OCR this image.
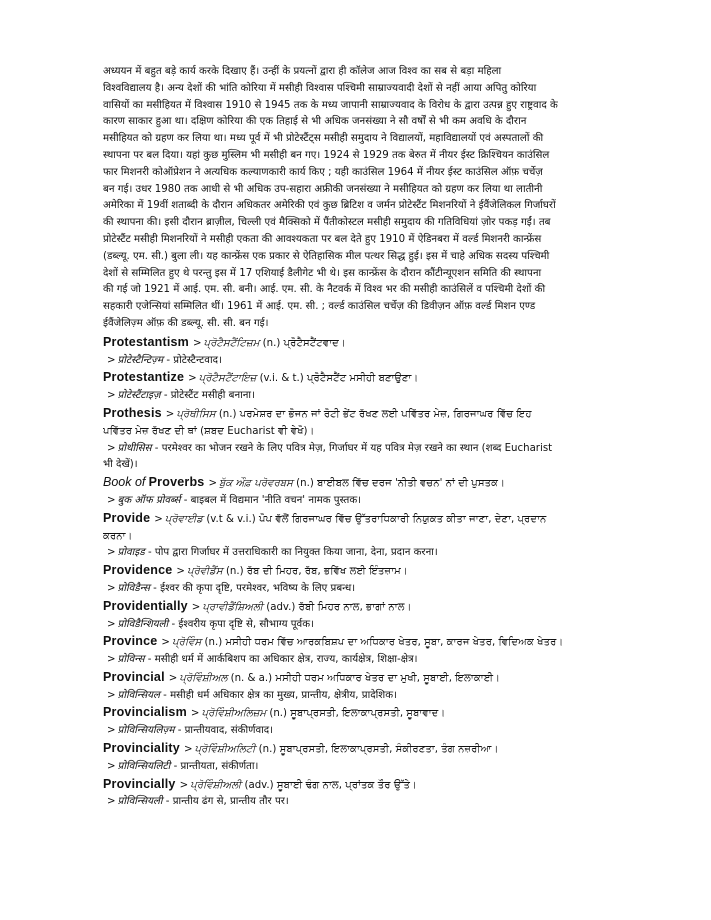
अध्ययन में बहुत बड़े कार्य करके दिखाए हैं। उन्हीं के प्रयत्नों द्वारा ही कॉलेज आज विश्व का सब से बड़ा महिला
विश्वविद्यालय है। अन्य देशों की भांति कोरिया में मसीही विश्वास पश्चिमी साम्राज्यवादी देशों से नहीं आया अपितु कोरिया
वासियों का मसीहियत में विश्वास 1910 से 1945 तक के मध्य जापानी साम्राज्यवाद के विरोध के द्वारा उत्पन्न हुए राष्ट्रवाद के
कारण साकार हुआ था। दक्षिण कोरिया की एक तिहाई से भी अधिक जनसंख्या ने सौ वर्षों से भी कम अवधि के दौरान
मसीहियत को ग्रहण कर लिया था। मध्य पूर्व में भी प्रोटेस्टैंट्स मसीही समुदाय ने विद्यालयों, महाविद्यालयों एवं अस्पतालों की
स्थापना पर बल दिया। यहां कुछ मुस्लिम भी मसीही बन गए। 1924 से 1929 तक बेरुत में नीयर ईस्ट क्रिश्चियन काउंसिल
फार मिशनरी कोऑप्रेशन ने अत्यधिक कल्याणकारी कार्य किए ; यही काउंसिल 1964 में नीयर ईस्ट काउंसिल ऑफ़ चर्चेज़
बन गई। उधर 1980 तक आधी से भी अधिक उप-सहारा अफ्रीकी जनसंख्या ने मसीहियत को ग्रहण कर लिया था लातीनी
अमेरिका में 19वीं शताब्दी के दौरान अधिकतर अमेरिकी एवं कुछ ब्रिटिश व जर्मन प्रोटेस्टैंट मिशनरियों ने ईवैंजेलिकल गिर्जाघरों
की स्थापना की। इसी दौरान ब्राज़ील, चिल्ली एवं मैक्सिको में पैंतीकोस्टल मसीही समुदाय की गतिविधियां ज़ोर पकड़ गईं। तब
प्रोटेस्टैंट मसीही मिशनरियों ने मसीही एकता की आवश्यकता पर बल देते हुए 1910 में ऐडिनबरा में वर्ल्ड मिशनरी कान्फ्रेंस
(डब्ल्यू. एम. सी.) बुला ली। यह कान्फ्रेंस एक प्रकार से ऐतिहासिक मील पत्थर सिद्ध हुई। इस में चाहे अधिक सदस्य पश्चिमी
देशों से सम्मिलित हुए थे परन्तु इस में 17 एशियाई डैलीगेट भी थे। इस कान्फ्रेंस के दौरान कौंटीन्यूएशन समिति की स्थापना
की गई जो 1921 में आई. एम. सी. बनी। आई. एम. सी. के नैटवर्क में विश्व भर की मसीही काउंसिलें व पश्चिमी देशों की
सहकारी एजेन्सियां सम्मिलित थीं। 1961 में आई. एम. सी. ; वर्ल्ड काउंसिल चर्चेज़ की डिवीज़न ऑफ़ वर्ल्ड मिशन एण्ड
ईवैंजेलिज़्म ऑफ़ की डब्ल्यू. सी. सी. बन गई।
Protestantism > ਪ੍ਰੋਟੈਸਟੈਂਟਿਜ਼ਮ (n.) ਪ੍ਰੋਟੈਸਟੈਂਟਵਾਦ।
> प्रोटेस्टैन्टिज़्म - प्रोटेस्टैन्टवाद।
Protestantize > ਪ੍ਰੋਟੈਸਟੈਂਟਾਇਜ਼ (v.i. & t.) ਪ੍ਰੋਟੈਸਟੈਂਟ ਮਸੀਹੀ ਬਣਾਉਣਾ।
> प्रोटेस्टैंटाइज़ - प्रोटेस्टैंट मसीही बनाना।
Prothesis > ਪ੍ਰੋਥੀਸਿਸ (n.) ਪਰਮੇਸ਼ਰ ਦਾ ਭੋਜਨ ਜਾਂ ਰੋਟੀ ਭੇਂਟ ਰੱਖਣ ਲਈ ਪਵਿੱਤਰ ਮੇਜ਼, ਗਿਰਜਾਘਰ ਵਿੱਚ ਇਹ
ਪਵਿੱਤਰ ਮੇਜ਼ ਰੱਖਣ ਦੀ ਥਾਂ (ਸ਼ਬਦ Eucharist ਵੀ ਵੇਖੋ)।
> प्रोथीसिस - परमेश्वर का भोजन रखने के लिए पवित्र मेज़, गिर्जाघर में यह पवित्र मेज़ रखने का स्थान (शब्द Eucharist
भी देखें)।
Book of Proverbs > ਬੁੱਕ ਔਫ਼ ਪਰੋਵਰਬਸ (n.) ਬਾਈਬਲ ਵਿੱਚ ਦਰਜ 'ਨੀਤੀ ਵਚਨ' ਨਾਂ ਦੀ ਪੁਸਤਕ।
> बुक ऑफ प्रोवर्ब्स - बाइबल में विद्यमान 'नीति वचन' नामक पुस्तक।
Provide > ਪ੍ਰੋਵਾਈਡ (v.t & v.i.) ਪੋਪ ਵੱਲੋਂ ਗਿਰਜਾਘਰ ਵਿੱਚ ਉੱਤਰਾਧਿਕਾਰੀ ਨਿਯੁਕਤ ਕੀਤਾ ਜਾਣਾ, ਦੇਣਾ, ਪ੍ਰਦਾਨ
ਕਰਨਾ।
> प्रोवाइड - पोप द्वारा गिर्जाघर में उत्तराधिकारी का नियुक्त किया जाना, देना, प्रदान करना।
Providence > ਪ੍ਰੋਵੀਡੈਂਸ (n.) ਰੱਬ ਦੀ ਮਿਹਰ, ਰੱਬ, ਭਵਿੱਖ ਲਈ ਇੰਤਜ਼ਾਮ।
> प्रोविडैन्स - ईश्वर की कृपा दृष्टि, परमेश्वर, भविष्य के लिए प्रबन्ध।
Providentially > ਪ੍ਰਾਵੀਡੈਂਸ਼ਿਅਲੀ (adv.) ਰੱਬੀ ਮਿਹਰ ਨਾਲ, ਭਾਗਾਂ ਨਾਲ।
> प्रोविडैन्शियली - ईश्वरीय कृपा दृष्टि से, सौभाग्य पूर्वक।
Province > ਪ੍ਰੋਵਿੰਸ (n.) ਮਸੀਹੀ ਧਰਮ ਵਿੱਚ ਆਰਕਬਿਸ਼ਪ ਦਾ ਅਧਿਕਾਰ ਖੇਤਰ, ਸੂਬਾ, ਕਾਰਜ ਖੇਤਰ, ਵਿਦਿਅਕ ਖੇਤਰ।
> प्रोविन्स - मसीही धर्म में आर्कबिशप का अधिकार क्षेत्र, राज्य, कार्यक्षेत्र, शिक्षा-क्षेत्र।
Provincial > ਪ੍ਰੋਵਿੰਸ਼ੀਅਲ (n. & a.) ਮਸੀਹੀ ਧਰਮ ਅਧਿਕਾਰ ਖੇਤਰ ਦਾ ਮੁਖੀ, ਸੂਬਾਈ, ਇਲਾਕਾਈ।
> प्रोविन्सियल - मसीही धर्म अधिकार क्षेत्र का मुख्य, प्रान्तीय, क्षेत्रीय, प्रादेशिक।
Provincialism > ਪ੍ਰੋਵਿੰਸ਼ੀਅਲਿਜ਼ਮ (n.) ਸੂਬਾਪ੍ਰਸਤੀ, ਇਲਾਕਾਪ੍ਰਸਤੀ, ਸੂਬਾਵਾਦ।
> प्रोविन्सियलिज़्म - प्रान्तीयवाद, संकीर्णवाद।
Provinciality > ਪ੍ਰੋਵਿੰਸ਼ੀਅਲਿਟੀ (n.) ਸੂਬਾਪ੍ਰਸਤੀ, ਇਲਾਕਾਪ੍ਰਸਤੀ, ਸੰਕੀਰਣਤਾ, ਤੰਗ ਨਜ਼ਰੀਆ।
> प्रोविन्सियलिटी - प्रान्तीयता, संकीर्णता।
Provincially > ਪ੍ਰੋਵਿੰਸ਼ੀਅਲੀ (adv.) ਸੂਬਾਈ ਢੰਗ ਨਾਲ, ਪ੍ਰਾਂਤਕ ਤੌਰ ਉੱਤੇ।
> प्रोविन्सियली - प्रान्तीय ढंग से, प्रान्तीय तौर पर।
